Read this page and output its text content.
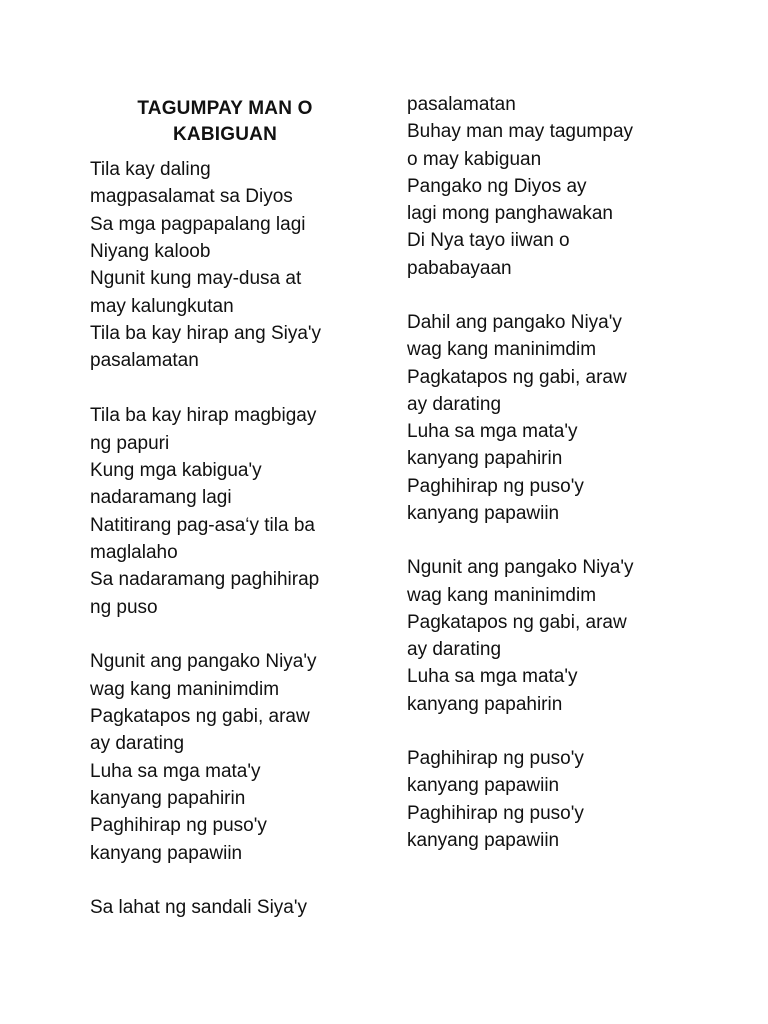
TAGUMPAY MAN O
KABIGUAN
Tila kay daling
magpasalamat sa Diyos
Sa mga pagpapalang lagi
Niyang kaloob
Ngunit kung may-dusa at
may kalungkutan
Tila ba kay hirap ang Siya'y
pasalamatan
Tila ba kay hirap magbigay
ng papuri
Kung mga kabigua'y
nadaramang lagi
Natitirang pag-asa‘y tila ba
maglalaho
Sa nadaramang paghihirap
ng puso
Ngunit ang pangako Niya'y
wag kang maninimdim
Pagkatapos ng gabi, araw
ay darating
Luha sa mga mata'y
kanyang papahirin
Paghihirap ng puso'y
kanyang papawiin
Sa lahat ng sandali Siya'y
pasalamatan
Buhay man may tagumpay
o may kabiguan
Pangako ng Diyos ay
lagi mong panghawakan
Di Nya tayo iiwan o
pababayaan
Dahil ang pangako Niya'y
wag kang maninimdim
Pagkatapos ng gabi, araw
ay darating
Luha sa mga mata'y
kanyang papahirin
Paghihirap ng puso'y
kanyang papawiin
Ngunit ang pangako Niya'y
wag kang maninimdim
Pagkatapos ng gabi, araw
ay darating
Luha sa mga mata'y
kanyang papahirin
Paghihirap ng puso'y
kanyang papawiin
Paghihirap ng puso'y
kanyang papawiin
